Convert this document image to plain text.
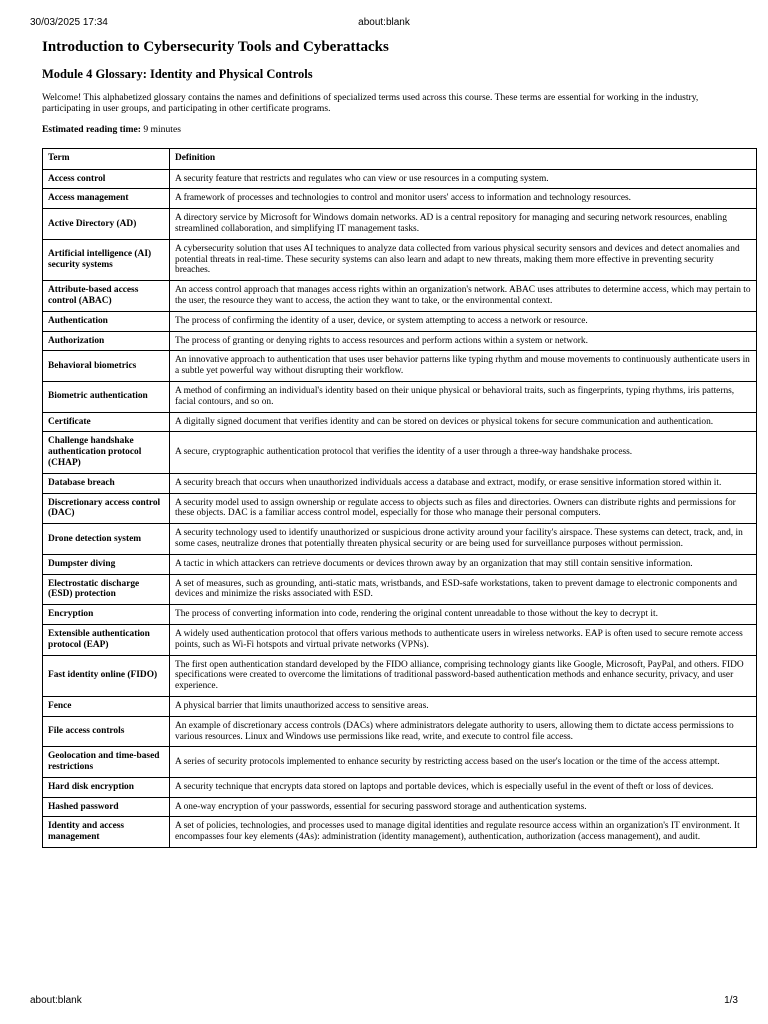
30/03/2025 17:34	about:blank
Introduction to Cybersecurity Tools and Cyberattacks
Module 4 Glossary: Identity and Physical Controls

Welcome! This alphabetized glossary contains the names and definitions of specialized terms used across this course. These terms are essential for working in the industry, participating in user groups, and participating in other certificate programs.

Estimated reading time: 9 minutes

Term	Definition
Access control	A security feature that restricts and regulates who can view or use resources in a computing system.
Access management	A framework of processes and technologies to control and monitor users' access to information and technology resources.
Active Directory (AD)	A directory service by Microsoft for Windows domain networks. AD is a central repository for managing and securing network resources, enabling streamlined collaboration, and simplifying IT management tasks.
Artificial intelligence (AI) security systems	A cybersecurity solution that uses AI techniques to analyze data collected from various physical security sensors and devices and detect anomalies and potential threats in real-time. These security systems can also learn and adapt to new threats, making them more effective in preventing security breaches.
Attribute-based access control (ABAC)	An access control approach that manages access rights within an organization's network. ABAC uses attributes to determine access, which may pertain to the user, the resource they want to access, the action they want to take, or the environmental context.
Authentication	The process of confirming the identity of a user, device, or system attempting to access a network or resource.
Authorization	The process of granting or denying rights to access resources and perform actions within a system or network.
Behavioral biometrics	An innovative approach to authentication that uses user behavior patterns like typing rhythm and mouse movements to continuously authenticate users in a subtle yet powerful way without disrupting their workflow.
Biometric authentication	A method of confirming an individual's identity based on their unique physical or behavioral traits, such as fingerprints, typing rhythms, iris patterns, facial contours, and so on.
Certificate	A digitally signed document that verifies identity and can be stored on devices or physical tokens for secure communication and authentication.
Challenge handshake authentication protocol (CHAP)	A secure, cryptographic authentication protocol that verifies the identity of a user through a three-way handshake process.
Database breach	A security breach that occurs when unauthorized individuals access a database and extract, modify, or erase sensitive information stored within it.
Discretionary access control (DAC)	A security model used to assign ownership or regulate access to objects such as files and directories. Owners can distribute rights and permissions for these objects. DAC is a familiar access control model, especially for those who manage their personal computers.
Drone detection system	A security technology used to identify unauthorized or suspicious drone activity around your facility's airspace. These systems can detect, track, and, in some cases, neutralize drones that potentially threaten physical security or are being used for surveillance purposes without permission.
Dumpster diving	A tactic in which attackers can retrieve documents or devices thrown away by an organization that may still contain sensitive information.
Electrostatic discharge (ESD) protection	A set of measures, such as grounding, anti-static mats, wristbands, and ESD-safe workstations, taken to prevent damage to electronic components and devices and minimize the risks associated with ESD.
Encryption	The process of converting information into code, rendering the original content unreadable to those without the key to decrypt it.
Extensible authentication protocol (EAP)	A widely used authentication protocol that offers various methods to authenticate users in wireless networks. EAP is often used to secure remote access points, such as Wi-Fi hotspots and virtual private networks (VPNs).
Fast identity online (FIDO)	The first open authentication standard developed by the FIDO alliance, comprising technology giants like Google, Microsoft, PayPal, and others. FIDO specifications were created to overcome the limitations of traditional password-based authentication methods and enhance security, privacy, and user experience.
Fence	A physical barrier that limits unauthorized access to sensitive areas.
File access controls	An example of discretionary access controls (DACs) where administrators delegate authority to users, allowing them to dictate access permissions to various resources. Linux and Windows use permissions like read, write, and execute to control file access.
Geolocation and time-based restrictions	A series of security protocols implemented to enhance security by restricting access based on the user's location or the time of the access attempt.
Hard disk encryption	A security technique that encrypts data stored on laptops and portable devices, which is especially useful in the event of theft or loss of devices.
Hashed password	A one-way encryption of your passwords, essential for securing password storage and authentication systems.
Identity and access management	A set of policies, technologies, and processes used to manage digital identities and regulate resource access within an organization's IT environment. It encompasses four key elements (4As): administration (identity management), authentication, authorization (access management), and audit.
about:blank	1/3
